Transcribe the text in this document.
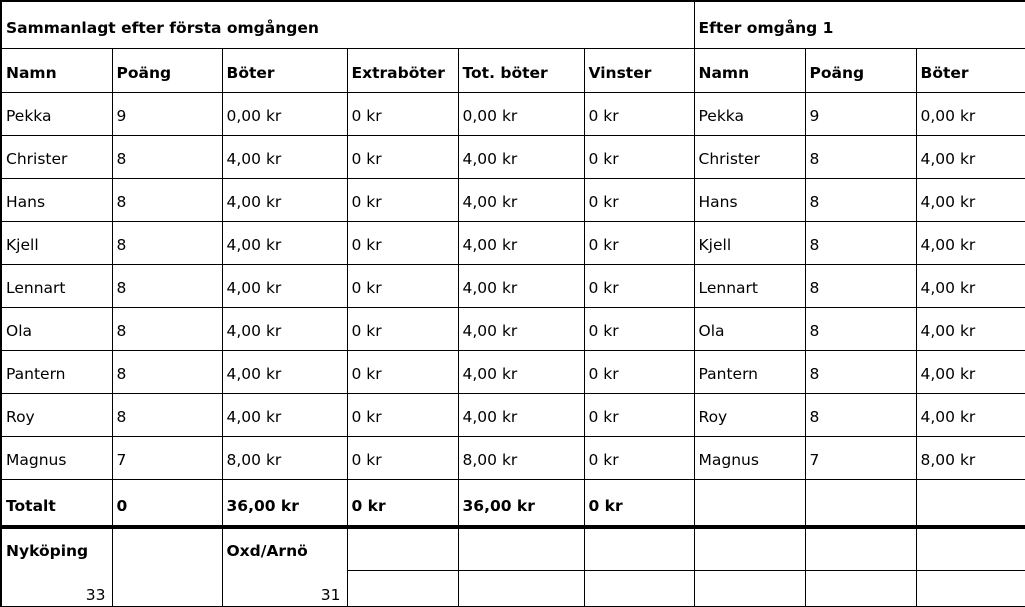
Sammanlagt efter första omgången						Efter omgång 1		
Namn	Poäng	Böter	Extraböter	Tot. böter	Vinster	Namn	Poäng	Böter
Pekka	9	0,00 kr	0 kr	0,00 kr	0 kr	Pekka	9	0,00 kr
Christer	8	4,00 kr	0 kr	4,00 kr	0 kr	Christer	8	4,00 kr
Hans	8	4,00 kr	0 kr	4,00 kr	0 kr	Hans	8	4,00 kr
Kjell	8	4,00 kr	0 kr	4,00 kr	0 kr	Kjell	8	4,00 kr
Lennart	8	4,00 kr	0 kr	4,00 kr	0 kr	Lennart	8	4,00 kr
Ola	8	4,00 kr	0 kr	4,00 kr	0 kr	Ola	8	4,00 kr
Pantern	8	4,00 kr	0 kr	4,00 kr	0 kr	Pantern	8	4,00 kr
Roy	8	4,00 kr	0 kr	4,00 kr	0 kr	Roy	8	4,00 kr
Magnus	7	8,00 kr	0 kr	8,00 kr	0 kr	Magnus	7	8,00 kr
Totalt	0	36,00 kr	0 kr	36,00 kr	0 kr			
Nyköping		Oxd/Arnö						
33		31						
